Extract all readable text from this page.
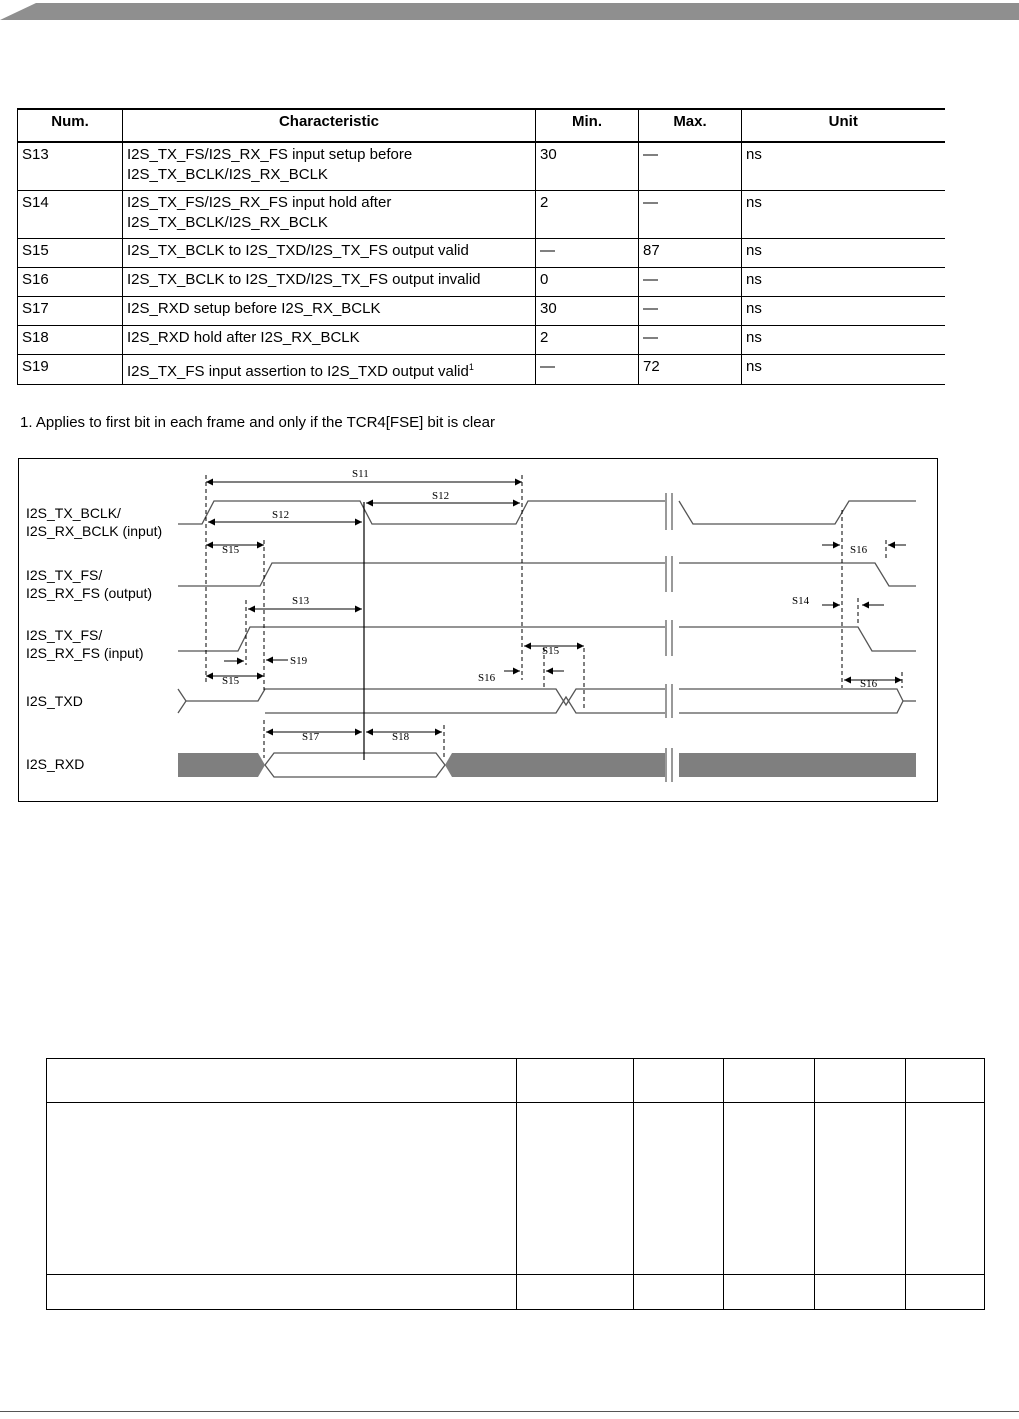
Num.	Characteristic	Min.	Max.	Unit
S13	I2S_TX_FS/I2S_RX_FS input setup before
I2S_TX_BCLK/I2S_RX_BCLK	30	—	ns
S14	I2S_TX_FS/I2S_RX_FS input hold after
I2S_TX_BCLK/I2S_RX_BCLK	2	—	ns
S15	I2S_TX_BCLK to I2S_TXD/I2S_TX_FS output valid	—	87	ns
S16	I2S_TX_BCLK to I2S_TXD/I2S_TX_FS output invalid	0	—	ns
S17	I2S_RXD setup before I2S_RX_BCLK	30	—	ns
S18	I2S_RXD hold after I2S_RX_BCLK	2	—	ns
S19	I2S_TX_FS input assertion to I2S_TXD output valid$^1$	—	72	ns
1. Applies to first bit in each frame and only if the TCR4[FSE] bit is clear
I2S_TX_BCLK/
I2S_RX_BCLK (input)
I2S_TX_FS/
I2S_RX_FS (output)
I2S_TX_FS/
I2S_RX_FS (input)
I2S_TXD
I2S_RXD
S11
S12
S12
S15
S13	S14
S16
S19
S15
S15
S16	S16
S17	S18
